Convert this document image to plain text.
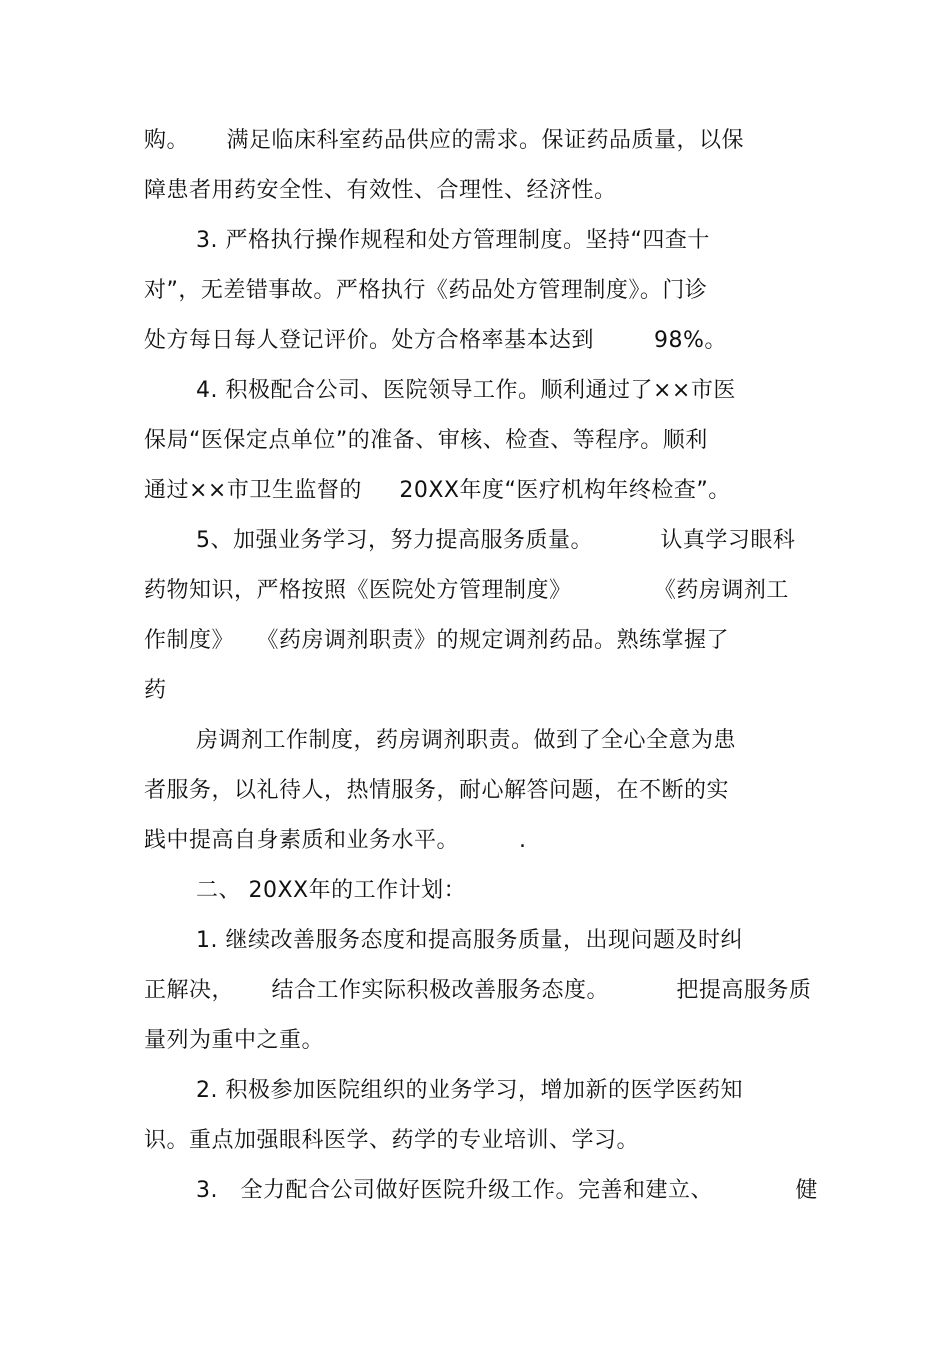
购。     满足临床科室药品供应的需求。保证药品质量，以保
障患者用药安全性、有效性、合理性、经济性。
3. 严格执行操作规程和处方管理制度。坚持“四查十
对”，无差错事故。严格执行《药品处方管理制度》。门诊
处方每日每人登记评价。处方合格率基本达到        98%。
4. 积极配合公司、医院领导工作。顺利通过了××市医
保局“医保定点单位”的准备、审核、检查、等程序。顺利
通过××市卫生监督的     20XX年度“医疗机构年终检查”。
5、加强业务学习，努力提高服务质量。         认真学习眼科
药物知识，严格按照《医院处方管理制度》           《药房调剂工
作制度》   《药房调剂职责》的规定调剂药品。熟练掌握了
药
房调剂工作制度，药房调剂职责。做到了全心全意为患
者服务，以礼待人，热情服务，耐心解答问题，在不断的实
践中提高自身素质和业务水平。        .
二、 20XX年的工作计划：
1. 继续改善服务态度和提高服务质量，出现问题及时纠
正解决，     结合工作实际积极改善服务态度。         把提高服务质
量列为重中之重。
2. 积极参加医院组织的业务学习，增加新的医学医药知
识。重点加强眼科医学、药学的专业培训、学习。
3.   全力配合公司做好医院升级工作。完善和建立、           健
